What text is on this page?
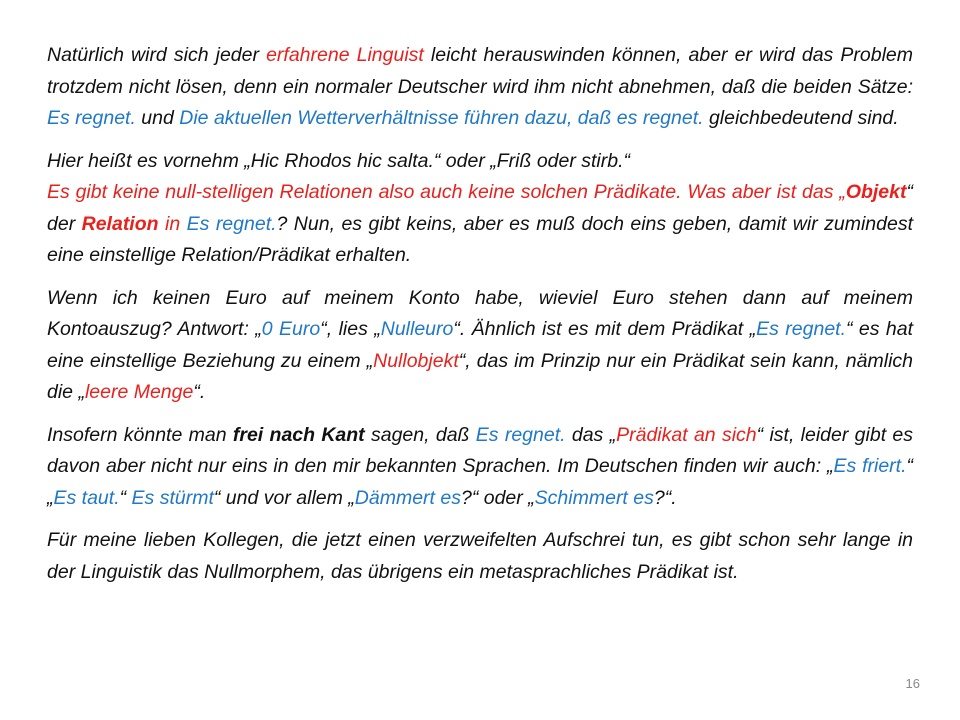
Natürlich wird sich jeder erfahrene Linguist leicht herauswinden können, aber er wird das Problem trotzdem nicht lösen, denn ein normaler Deutscher wird ihm nicht abnehmen, daß die beiden Sätze: Es regnet. und Die aktuellen Wetterverhältnisse führen dazu, daß es regnet. gleichbedeutend sind.

Hier heißt es vornehm „Hic Rhodos hic salta.“ oder „Friß oder stirb.“

Es gibt keine null-stelligen Relationen also auch keine solchen Prädikate. Was aber ist das „Objekt“ der Relation in Es regnet.? Nun, es gibt keins, aber es muß doch eins geben, damit wir zumindest eine einstellige Relation/Prädikat erhalten.

Wenn ich keinen Euro auf meinem Konto habe, wieviel Euro stehen dann auf meinem Kontoauszug? Antwort: „0 Euro“, lies „Nulleuro“. Ähnlich ist es mit dem Prädikat „Es regnet.“ es hat eine einstellige Beziehung zu einem „Nullobjekt“, das im Prinzip nur ein Prädikat sein kann, nämlich die „leere Menge“.

Insofern könnte man frei nach Kant sagen, daß Es regnet. das „Prädikat an sich“ ist, leider gibt es davon aber nicht nur eins in den mir bekannten Sprachen. Im Deutschen finden wir auch: „Es friert.“ „Es taut.“ Es stürmt“ und vor allem „Dämmert es?“ oder „Schimmert es?“.

Für meine lieben Kollegen, die jetzt einen verzweifelten Aufschrei tun, es gibt schon sehr lange in der Linguistik das Nullmorphem, das übrigens ein metasprachliches Prädikat ist.

16
